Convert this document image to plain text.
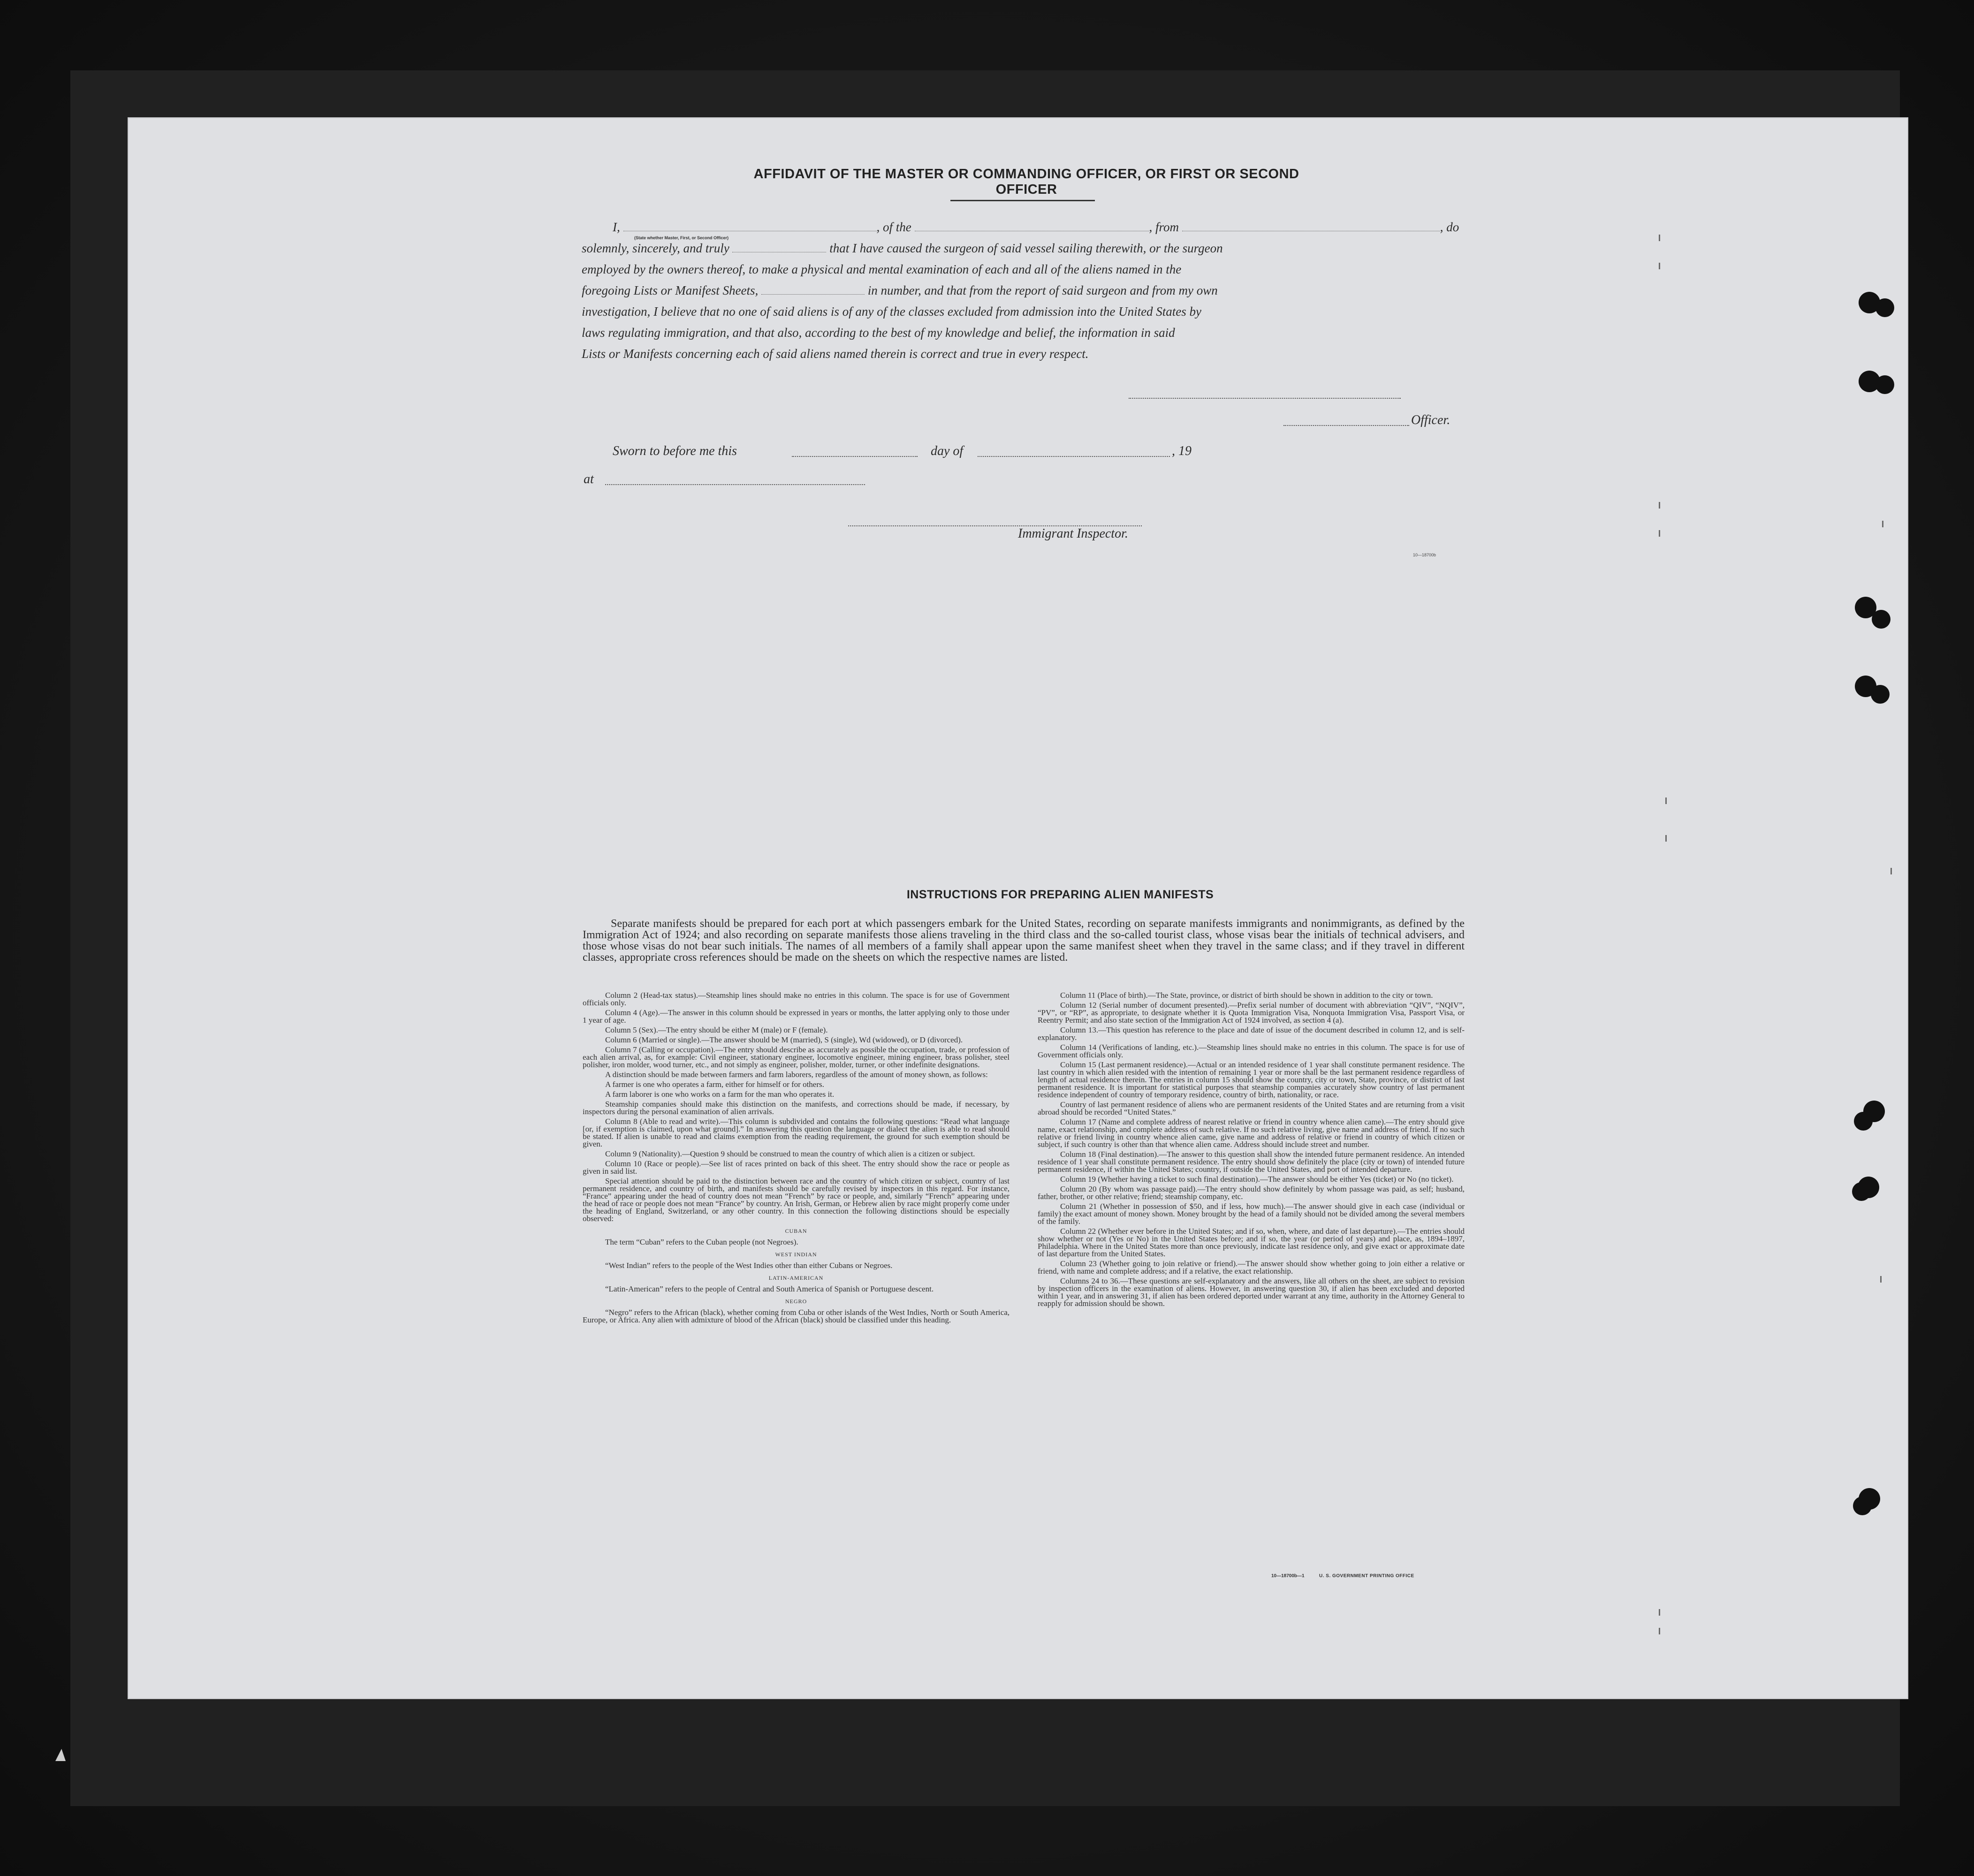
AFFIDAVIT OF THE MASTER OR COMMANDING OFFICER, OR FIRST OR SECOND OFFICER

I,	, of the	, from	, do

solemnly, sincerely, and truly	that I have caused the surgeon of said vessel sailing therewith, or the surgeon

employed by the owners thereof, to make a physical and mental examination of each and all of the aliens named in the

foregoing Lists or Manifest Sheets,	in number, and that from the report of said surgeon and from my own

investigation, I believe that no one of said aliens is of any of the classes excluded from admission into the United States by

laws regulating immigration, and that also, according to the best of my knowledge and belief, the information in said

Lists or Manifests concerning each of said aliens named therein is correct and true in every respect.

(State whether Master, First, or Second Officer)
Officer.
Sworn to before me this	day of	, 19
at
Immigrant Inspector.
10—18700b
INSTRUCTIONS FOR PREPARING ALIEN MANIFESTS

Separate manifests should be prepared for each port at which passengers embark for the United States, recording on separate manifests immigrants and nonimmigrants, as defined by the Immigration Act of 1924; and also recording on separate manifests those aliens traveling in the third class and the so-called tourist class, whose visas bear the initials of technical advisers, and those whose visas do not bear such initials. The names of all members of a family shall appear upon the same manifest sheet when they travel in the same class; and if they travel in different classes, appropriate cross references should be made on the sheets on which the respective names are listed.

Column 2 (Head-tax status).—Steamship lines should make no entries in this column. The space is for use of Government officials only.

Column 4 (Age).—The answer in this column should be expressed in years or months, the latter applying only to those under 1 year of age.

Column 5 (Sex).—The entry should be either M (male) or F (female).

Column 6 (Married or single).—The answer should be M (married), S (single), Wd (widowed), or D (divorced).

Column 7 (Calling or occupation).—The entry should describe as accurately as possible the occupation, trade, or profession of each alien arrival, as, for example: Civil engineer, stationary engineer, locomotive engineer, mining engineer, brass polisher, steel polisher, iron molder, wood turner, etc., and not simply as engineer, polisher, molder, turner, or other indefinite designations.

A distinction should be made between farmers and farm laborers, regardless of the amount of money shown, as follows:

A farmer is one who operates a farm, either for himself or for others.

A farm laborer is one who works on a farm for the man who operates it.

Steamship companies should make this distinction on the manifests, and corrections should be made, if necessary, by inspectors during the personal examination of alien arrivals.

Column 8 (Able to read and write).—This column is subdivided and contains the following questions: “Read what language [or, if exemption is claimed, upon what ground].” In answering this question the language or dialect the alien is able to read should be stated. If alien is unable to read and claims exemption from the reading requirement, the ground for such exemption should be given.

Column 9 (Nationality).—Question 9 should be construed to mean the country of which alien is a citizen or subject.

Column 10 (Race or people).—See list of races printed on back of this sheet. The entry should show the race or people as given in said list.

Special attention should be paid to the distinction between race and the country of which citizen or subject, country of last permanent residence, and country of birth, and manifests should be carefully revised by inspectors in this regard. For instance, “France” appearing under the head of country does not mean “French” by race or people, and, similarly “French” appearing under the head of race or people does not mean “France” by country. An Irish, German, or Hebrew alien by race might properly come under the heading of England, Switzerland, or any other country. In this connection the following distinctions should be especially observed:

CUBAN

The term “Cuban” refers to the Cuban people (not Negroes).

WEST INDIAN

“West Indian” refers to the people of the West Indies other than either Cubans or Negroes.

LATIN-AMERICAN

“Latin-American” refers to the people of Central and South America of Spanish or Portuguese descent.

NEGRO

“Negro” refers to the African (black), whether coming from Cuba or other islands of the West Indies, North or South America, Europe, or Africa. Any alien with admixture of blood of the African (black) should be classified under this heading.

Column 11 (Place of birth).—The State, province, or district of birth should be shown in addition to the city or town.

Column 12 (Serial number of document presented).—Prefix serial number of document with abbreviation “QIV”, “NQIV”, “PV”, or “RP”, as appropriate, to designate whether it is Quota Immigration Visa, Nonquota Immigration Visa, Passport Visa, or Reentry Permit; and also state section of the Immigration Act of 1924 involved, as section 4 (a).

Column 13.—This question has reference to the place and date of issue of the document described in column 12, and is self-explanatory.

Column 14 (Verifications of landing, etc.).—Steamship lines should make no entries in this column. The space is for use of Government officials only.

Column 15 (Last permanent residence).—Actual or an intended residence of 1 year shall constitute permanent residence. The last country in which alien resided with the intention of remaining 1 year or more shall be the last permanent residence regardless of length of actual residence therein. The entries in column 15 should show the country, city or town, State, province, or district of last permanent residence. It is important for statistical purposes that steamship companies accurately show country of last permanent residence independent of country of temporary residence, country of birth, nationality, or race.

Country of last permanent residence of aliens who are permanent residents of the United States and are returning from a visit abroad should be recorded “United States.”

Column 17 (Name and complete address of nearest relative or friend in country whence alien came).—The entry should give name, exact relationship, and complete address of such relative. If no such relative living, give name and address of friend. If no such relative or friend living in country whence alien came, give name and address of relative or friend in country of which citizen or subject, if such country is other than that whence alien came. Address should include street and number.

Column 18 (Final destination).—The answer to this question shall show the intended future permanent residence. An intended residence of 1 year shall constitute permanent residence. The entry should show definitely the place (city or town) of intended future permanent residence, if within the United States; country, if outside the United States, and port of intended departure.

Column 19 (Whether having a ticket to such final destination).—The answer should be either Yes (ticket) or No (no ticket).

Column 20 (By whom was passage paid).—The entry should show definitely by whom passage was paid, as self; husband, father, brother, or other relative; friend; steamship company, etc.

Column 21 (Whether in possession of $50, and if less, how much).—The answer should give in each case (individual or family) the exact amount of money shown. Money brought by the head of a family should not be divided among the several members of the family.

Column 22 (Whether ever before in the United States; and if so, when, where, and date of last departure).—The entries should show whether or not (Yes or No) in the United States before; and if so, the year (or period of years) and place, as, 1894–1897, Philadelphia. Where in the United States more than once previously, indicate last residence only, and give exact or approximate date of last departure from the United States.

Column 23 (Whether going to join relative or friend).—The answer should show whether going to join either a relative or friend, with name and complete address; and if a relative, the exact relationship.

Columns 24 to 36.—These questions are self-explanatory and the answers, like all others on the sheet, are subject to revision by inspection officers in the examination of aliens. However, in answering question 30, if alien has been excluded and deported within 1 year, and in answering 31, if alien has been ordered deported under warrant at any time, authority in the Attorney General to reapply for admission should be shown.

10—18700b—1	U. S. GOVERNMENT PRINTING OFFICE
